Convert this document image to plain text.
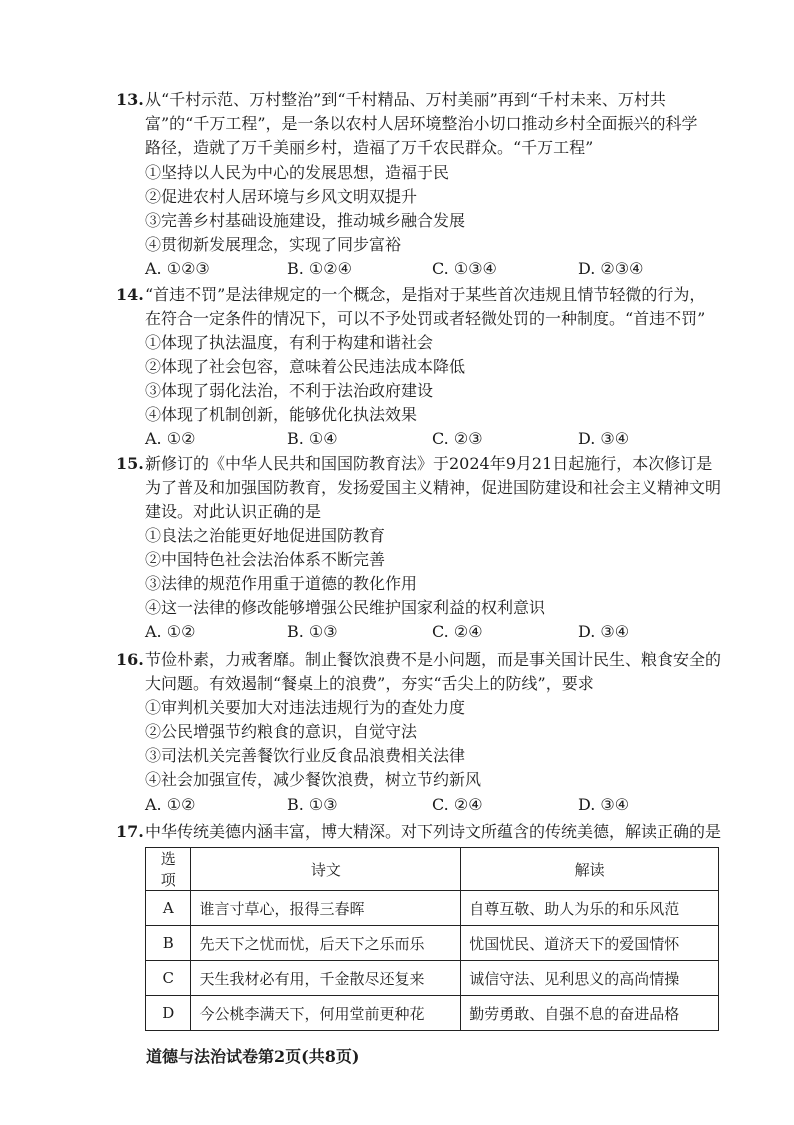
13. 从“千村示范、万村整治”到“千村精品、万村美丽”再到“千村未来、万村共
富”的“千万工程”，是一条以农村人居环境整治小切口推动乡村全面振兴的科学
路径，造就了万千美丽乡村，造福了万千农民群众。“千万工程”
①坚持以人民为中心的发展思想，造福于民
②促进农村人居环境与乡风文明双提升
③完善乡村基础设施建设，推动城乡融合发展
④贯彻新发展理念，实现了同步富裕
A. ①②③	B. ①②④	C. ①③④	D. ②③④
14. “首违不罚”是法律规定的一个概念，是指对于某些首次违规且情节轻微的行为，
在符合一定条件的情况下，可以不予处罚或者轻微处罚的一种制度。“首违不罚”
①体现了执法温度，有利于构建和谐社会
②体现了社会包容，意味着公民违法成本降低
③体现了弱化法治，不利于法治政府建设
④体现了机制创新，能够优化执法效果
A. ①②	B. ①④	C. ②③	D. ③④
15. 新修订的《中华人民共和国国防教育法》于2024年9月21日起施行，本次修订是
为了普及和加强国防教育，发扬爱国主义精神，促进国防建设和社会主义精神文明
建设。对此认识正确的是
①良法之治能更好地促进国防教育
②中国特色社会法治体系不断完善
③法律的规范作用重于道德的教化作用
④这一法律的修改能够增强公民维护国家利益的权利意识
A. ①②	B. ①③	C. ②④	D. ③④
16. 节俭朴素，力戒奢靡。制止餐饮浪费不是小问题，而是事关国计民生、粮食安全的
大问题。有效遏制“餐桌上的浪费”，夯实“舌尖上的防线”，要求
①审判机关要加大对违法违规行为的查处力度
②公民增强节约粮食的意识，自觉守法
③司法机关完善餐饮行业反食品浪费相关法律
④社会加强宣传，减少餐饮浪费，树立节约新风
A. ①②	B. ①③	C. ②④	D. ③④
17. 中华传统美德内涵丰富，博大精深。对下列诗文所蕴含的传统美德，解读正确的是
选项	诗文	解读
A	谁言寸草心，报得三春晖	自尊互敬、助人为乐的和乐风范
B	先天下之忧而忧，后天下之乐而乐	忧国忧民、道济天下的爱国情怀
C	天生我材必有用，千金散尽还复来	诚信守法、见利思义的高尚情操
D	今公桃李满天下，何用堂前更种花	勤劳勇敢、自强不息的奋进品格
道德与法治试卷第2页(共8页)
